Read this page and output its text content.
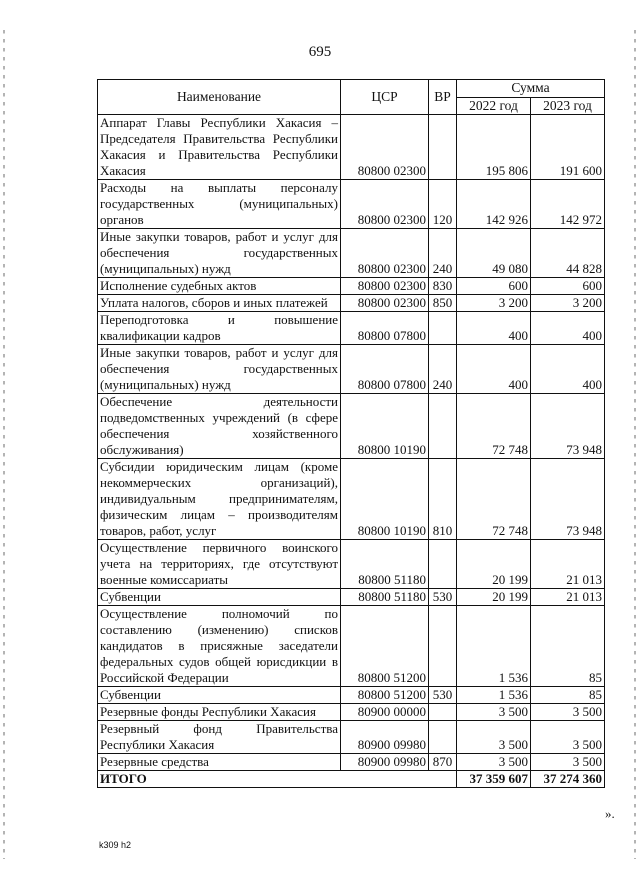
695
Наименование	ЦСР	ВР	Сумма	
			2022 год	2023 год
Аппарат Главы Республики Хакасия – Председателя Правительства Республики Хакасия и Правительства Республики Хакасия	80800 02300		195 806	191 600
Расходы на выплаты персоналу государственных (муниципальных) органов	80800 02300	120	142 926	142 972
Иные закупки товаров, работ и услуг для обеспечения государственных (муниципальных) нужд	80800 02300	240	49 080	44 828
Исполнение судебных актов	80800 02300	830	600	600
Уплата налогов, сборов и иных платежей	80800 02300	850	3 200	3 200
Переподготовка и повышение квалификации кадров	80800 07800		400	400
Иные закупки товаров, работ и услуг для обеспечения государственных (муниципальных) нужд	80800 07800	240	400	400
Обеспечение деятельности подведомственных учреждений (в сфере обеспечения хозяйственного обслуживания)	80800 10190		72 748	73 948
Субсидии юридическим лицам (кроме некоммерческих организаций), индивидуальным предпринимателям, физическим лицам – производителям товаров, работ, услуг	80800 10190	810	72 748	73 948
Осуществление первичного воинского учета на территориях, где отсутствуют военные комиссариаты	80800 51180		20 199	21 013
Субвенции	80800 51180	530	20 199	21 013
Осуществление полномочий по составлению (изменению) списков кандидатов в присяжные заседатели федеральных судов общей юрисдикции в Российской Федерации	80800 51200		1 536	85
Субвенции	80800 51200	530	1 536	85
Резервные фонды Республики Хакасия	80900 00000		3 500	3 500
Резервный фонд Правительства Республики Хакасия	80900 09980		3 500	3 500
Резервные средства	80900 09980	870	3 500	3 500
ИТОГО			37 359 607	37 274 360
».
k309 h2
